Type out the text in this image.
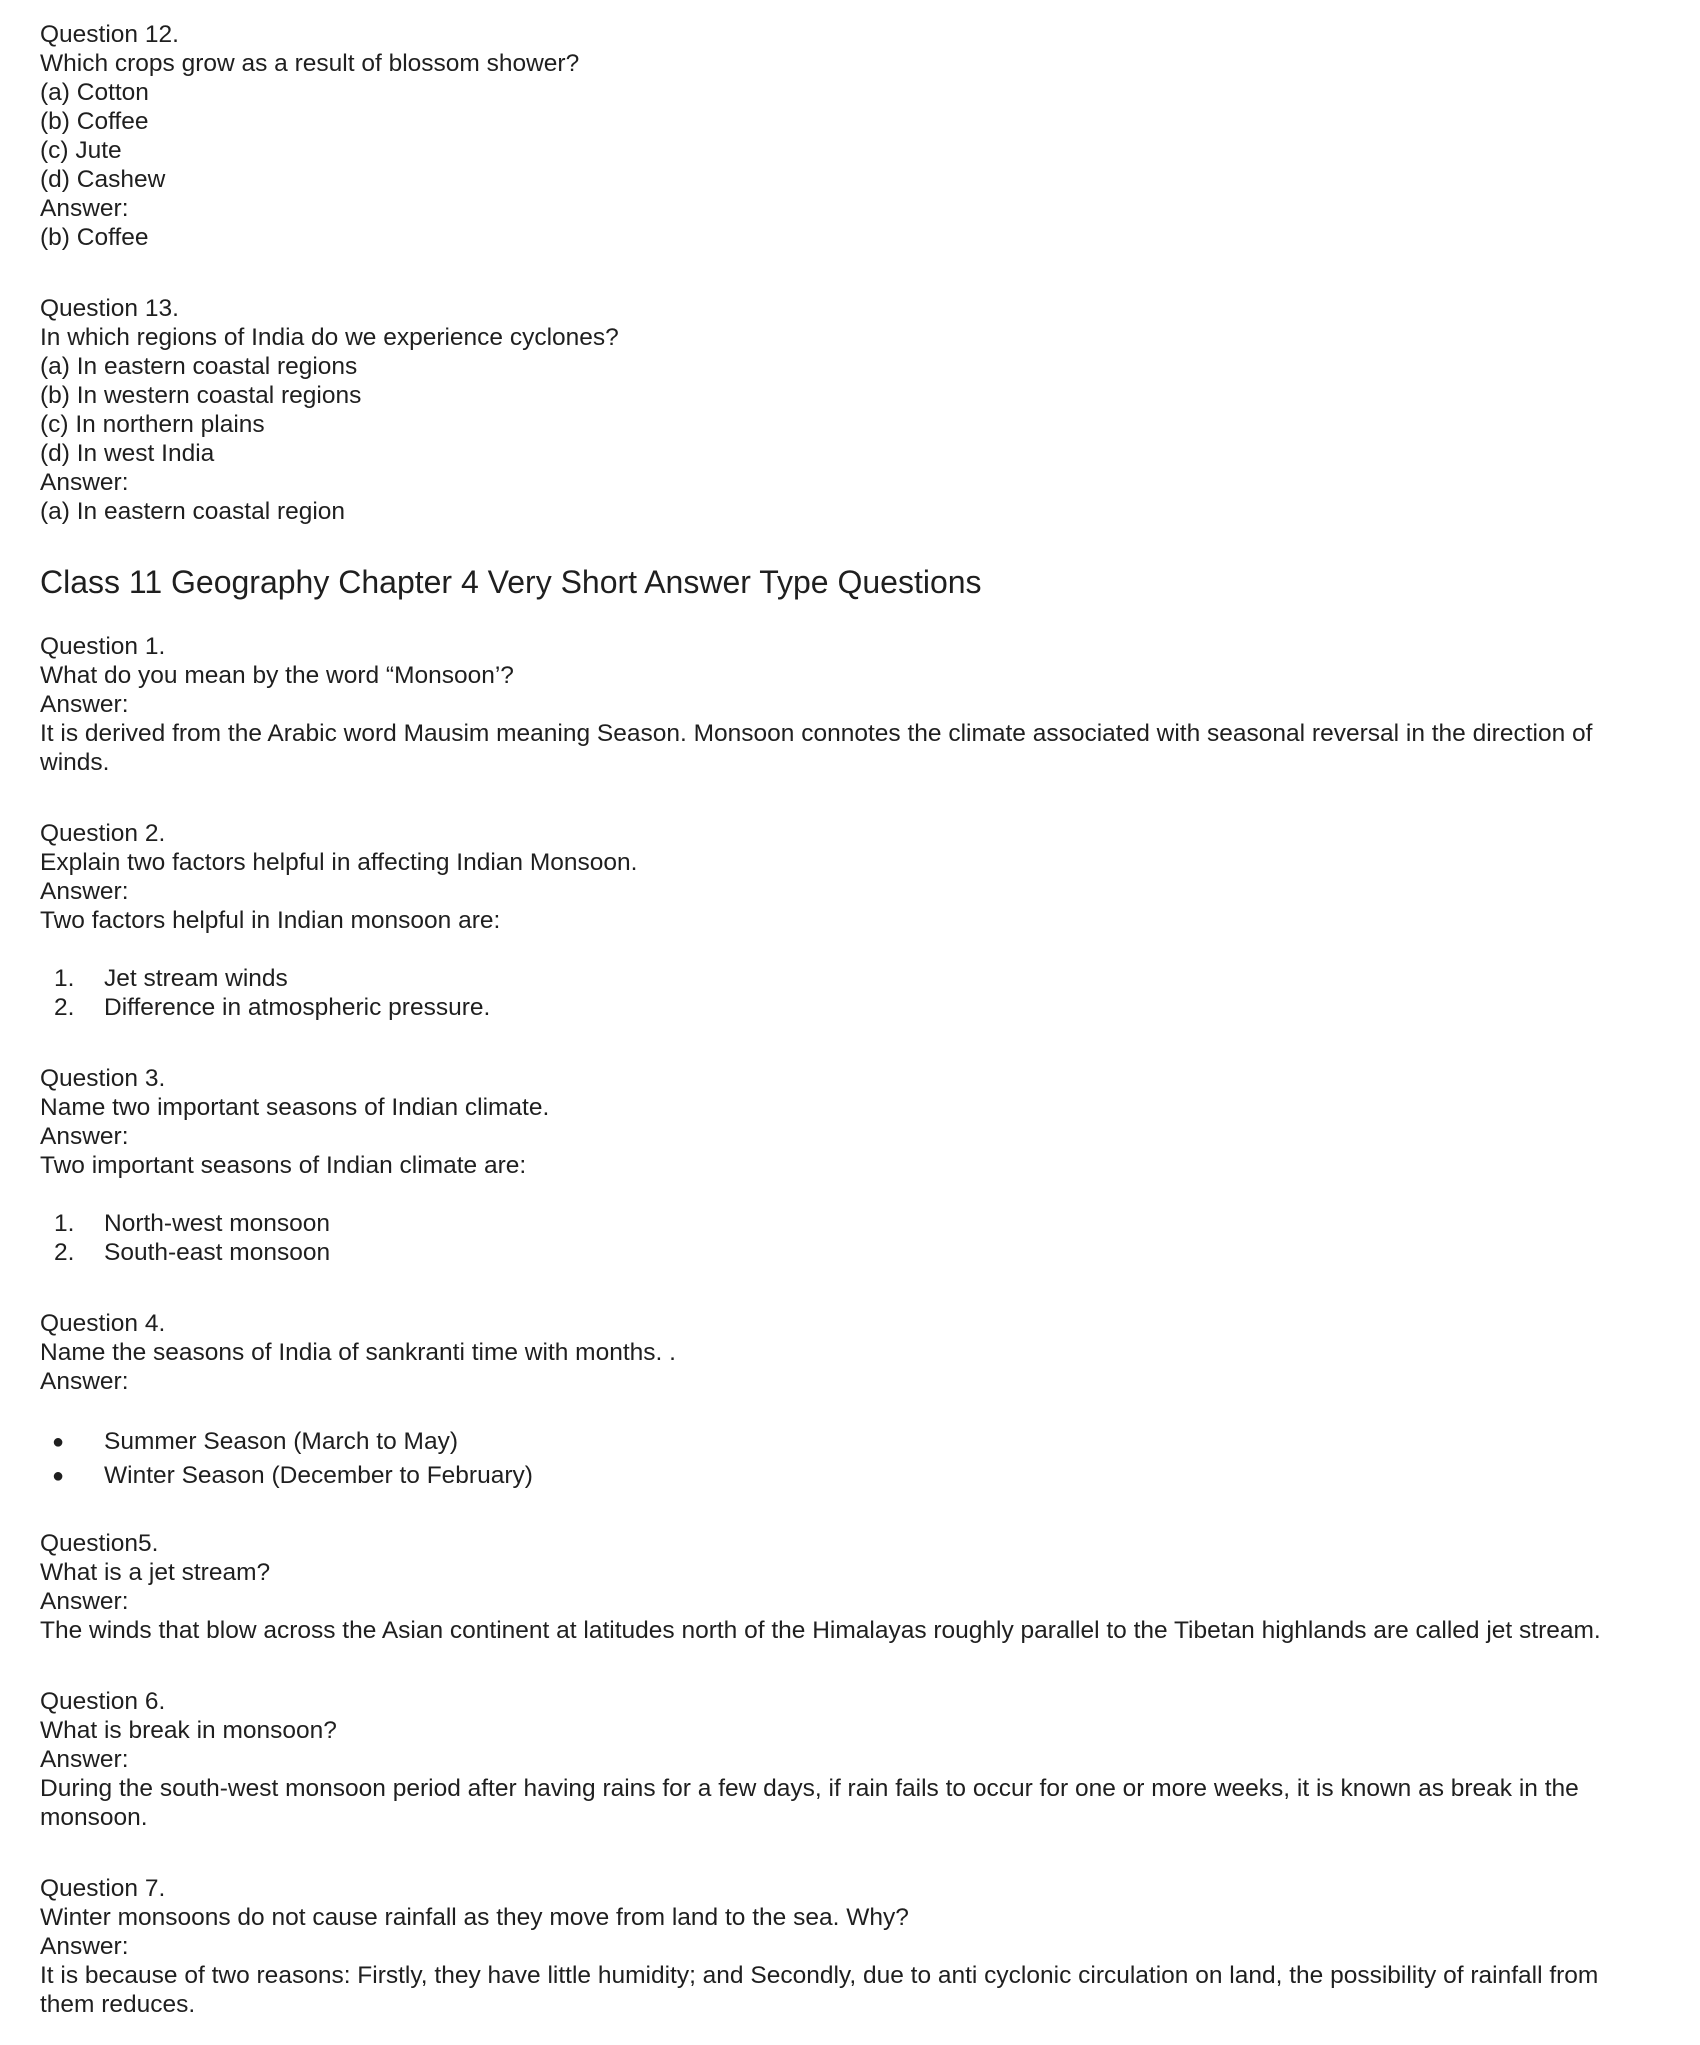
Question 12.
Which crops grow as a result of blossom shower?
(a) Cotton
(b) Coffee
(c) Jute
(d) Cashew
Answer:
(b) Coffee
Question 13.
In which regions of India do we experience cyclones?
(a) In eastern coastal regions
(b) In western coastal regions
(c) In northern plains
(d) In west India
Answer:
(a) In eastern coastal region
Class 11 Geography Chapter 4 Very Short Answer Type Questions
Question 1.
What do you mean by the word “Monsoon’?
Answer:
It is derived from the Arabic word Mausim meaning Season. Monsoon connotes the climate associated with seasonal reversal in the direction of winds.
Question 2.
Explain two factors helpful in affecting Indian Monsoon.
Answer:
Two factors helpful in Indian monsoon are:
1.	Jet stream winds
2.	Difference in atmospheric pressure.
Question 3.
Name two important seasons of Indian climate.
Answer:
Two important seasons of Indian climate are:
1.	North-west monsoon
2.	South-east monsoon
Question 4.
Name the seasons of India of sankranti time with months. .
Answer:
●	Summer Season (March to May)
●	Winter Season (December to February)
Question5.
What is a jet stream?
Answer:
The winds that blow across the Asian continent at latitudes north of the Himalayas roughly parallel to the Tibetan highlands are called jet stream.
Question 6.
What is break in monsoon?
Answer:
During the south-west monsoon period after having rains for a few days, if rain fails to occur for one or more weeks, it is known as break in the monsoon.
Question 7.
Winter monsoons do not cause rainfall as they move from land to the sea. Why?
Answer:
It is because of two reasons: Firstly, they have little humidity; and Secondly, due to anti cyclonic circulation on land, the possibility of rainfall from them reduces.
